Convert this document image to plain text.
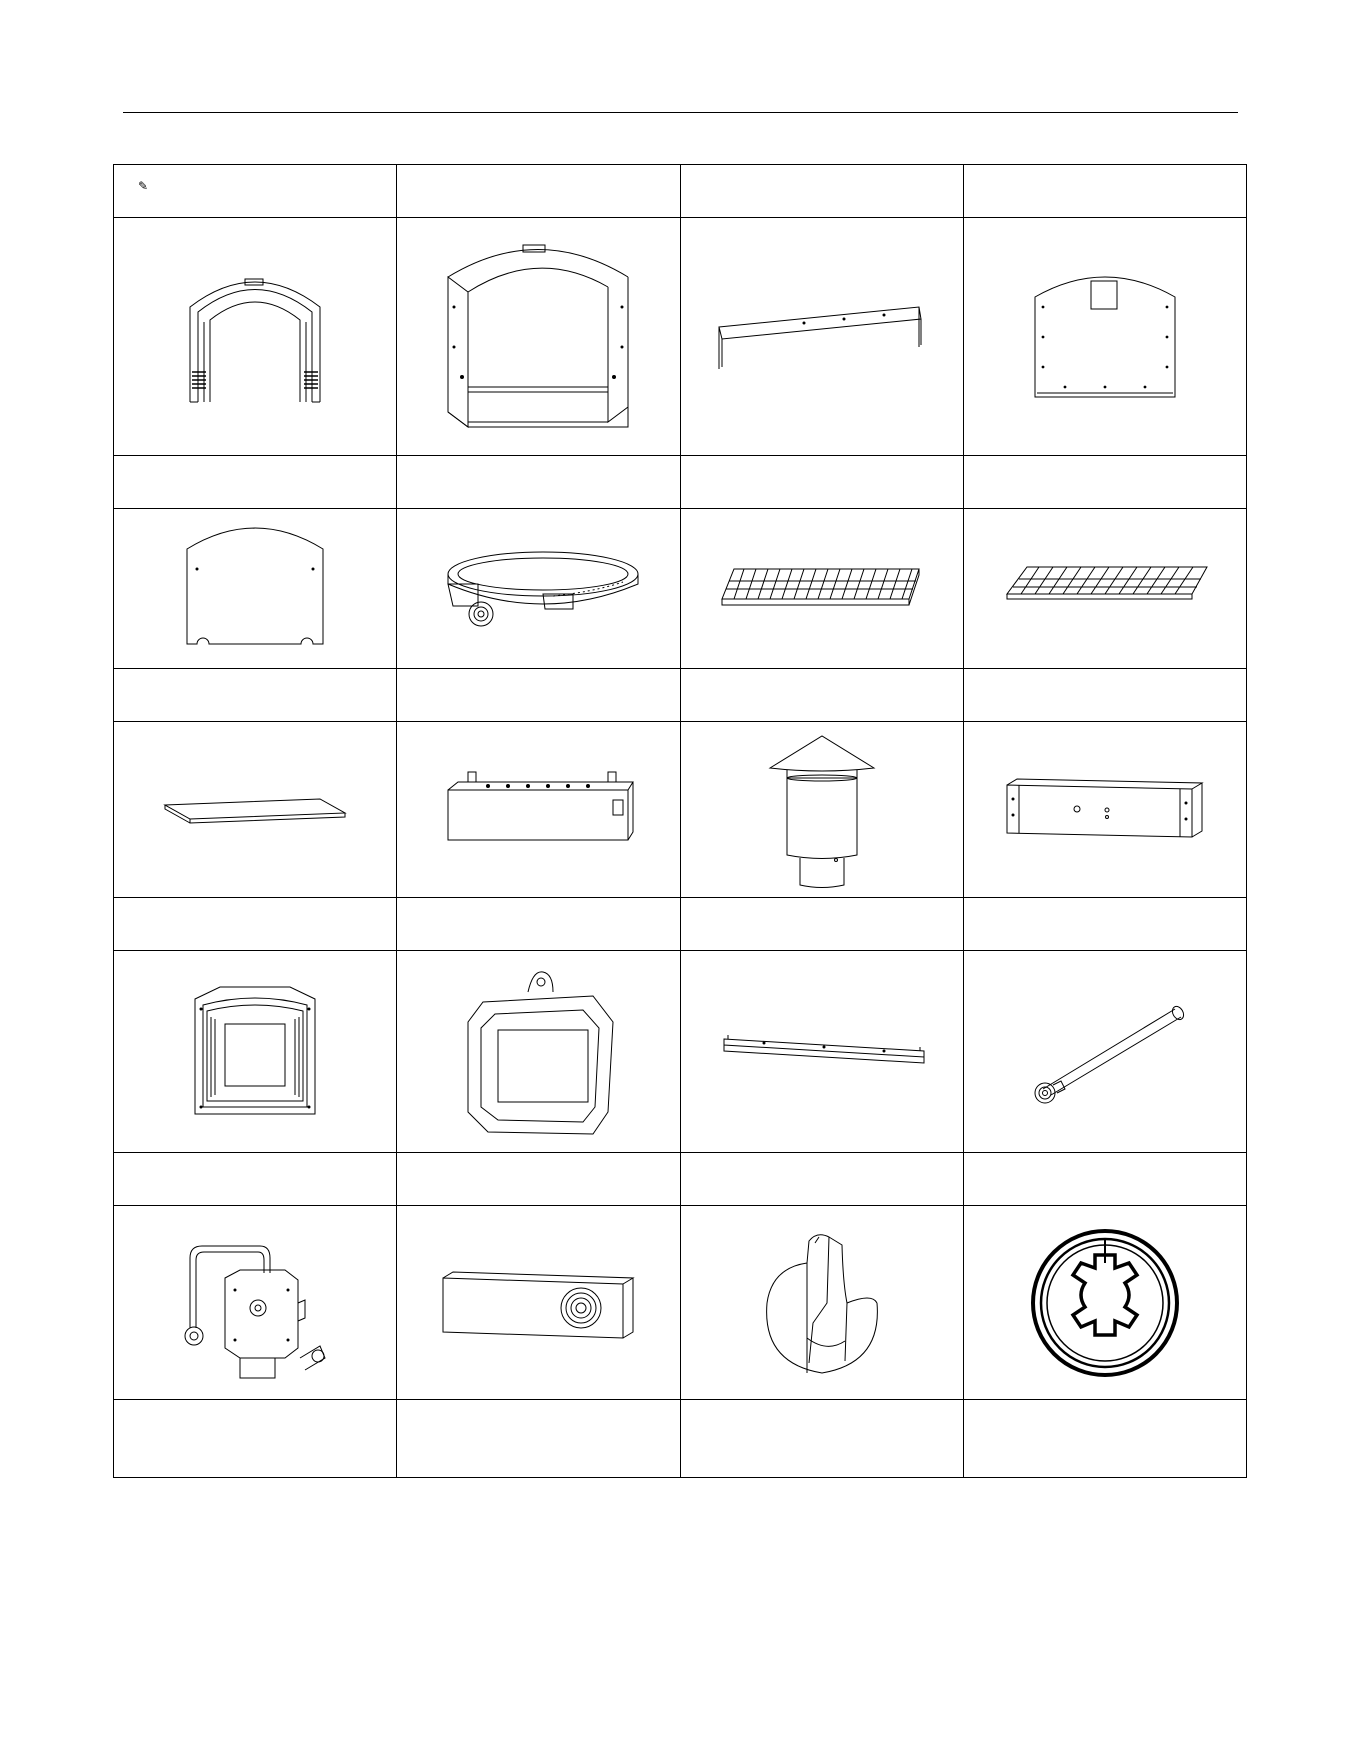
✎			
